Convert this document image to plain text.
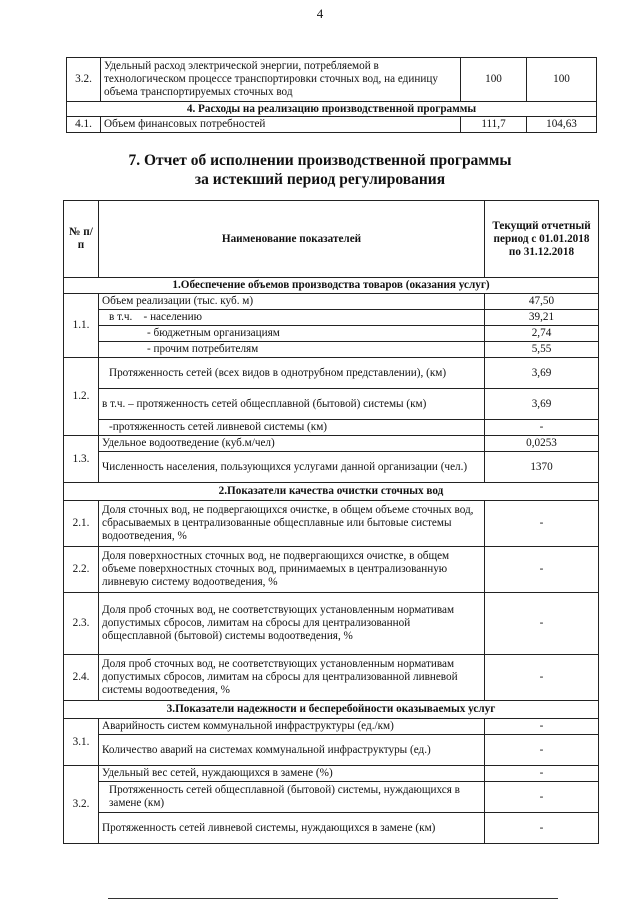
4
3.2.	Удельный расход электрической энергии, потребляемой в технологическом процессе транспортировки сточных вод, на единицу объема транспортируемых сточных вод	100	100
4. Расходы на реализацию производственной программы			
4.1.	Объем финансовых потребностей	111,7	104,63
7. Отчет об исполнении производственной программы
за истекший период регулирования
№ п/п	Наименование показателей	Текущий отчетный период с 01.01.2018 по 31.12.2018
1.Обеспечение объемов производства товаров (оказания услуг)		
1.1.	Объем реализации (тыс. куб. м)	47,50
	в т.ч. - населению	39,21
	- бюджетным организациям	2,74
	- прочим потребителям	5,55
1.2.	Протяженность сетей (всех видов в однотрубном представлении), (км)	3,69
	в т.ч. – протяженность сетей общесплавной (бытовой) системы (км)	3,69
	-протяженность сетей ливневой системы (км)	-
1.3.	Удельное водоотведение (куб.м/чел)	0,0253
	Численность населения, пользующихся услугами данной организации (чел.)	1370
2.Показатели качества очистки сточных вод		
2.1.	Доля сточных вод, не подвергающихся очистке, в общем объеме сточных вод, сбрасываемых в централизованные общесплавные или бытовые системы водоотведения, %	-
2.2.	Доля поверхностных сточных вод, не подвергающихся очистке, в общем объеме поверхностных сточных вод, принимаемых в централизованную ливневую систему водоотведения, %	-
2.3.	Доля проб сточных вод, не соответствующих установленным нормативам допустимых сбросов, лимитам на сбросы для централизованной общесплавной (бытовой) системы водоотведения, %	-
2.4.	Доля проб сточных вод, не соответствующих установленным нормативам допустимых сбросов, лимитам на сбросы для централизованной ливневой системы водоотведения, %	-
3.Показатели надежности и бесперебойности оказываемых услуг		
3.1.	Аварийность систем коммунальной инфраструктуры (ед./км)	-
	Количество аварий на системах коммунальной инфраструктуры (ед.)	-
3.2.	Удельный вес сетей, нуждающихся в замене (%)	-
	Протяженность сетей общесплавной (бытовой) системы, нуждающихся в замене (км)	-
	Протяженность сетей ливневой системы, нуждающихся в замене (км)	-
